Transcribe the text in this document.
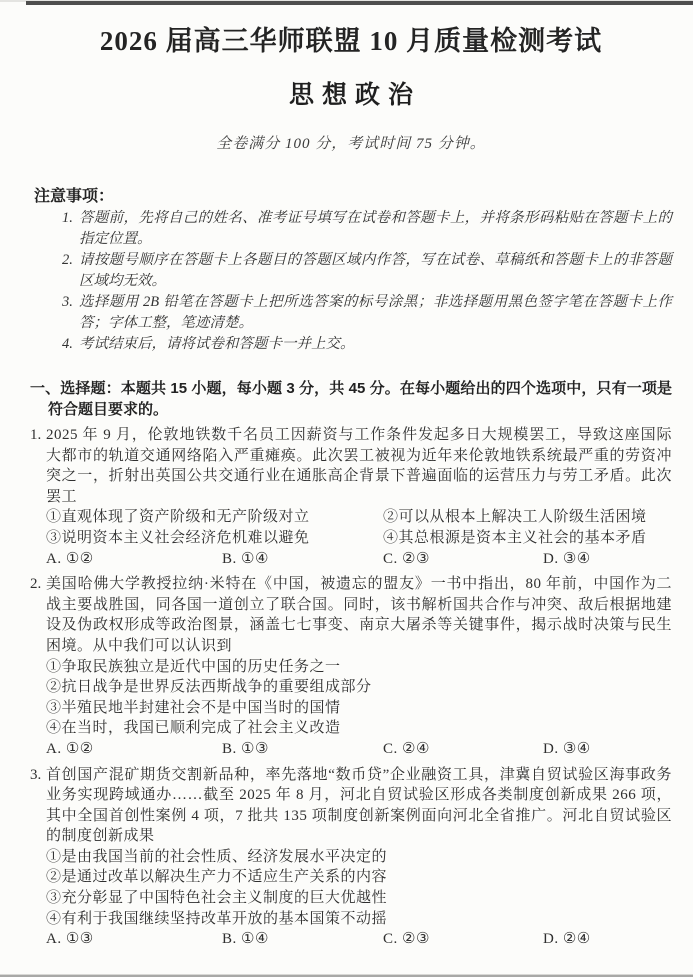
2026 届高三华师联盟 10 月质量检测考试
思想政治
全卷满分 100 分，考试时间 75 分钟。
注意事项：
1. 答题前，先将自己的姓名、准考证号填写在试卷和答题卡上，并将条形码粘贴在答题卡上的指定位置。
2. 请按题号顺序在答题卡上各题目的答题区域内作答，写在试卷、草稿纸和答题卡上的非答题区域均无效。
3. 选择题用 2B 铅笔在答题卡上把所选答案的标号涂黑；非选择题用黑色签字笔在答题卡上作答；字体工整，笔迹清楚。
4. 考试结束后，请将试卷和答题卡一并上交。
一、选择题：本题共 15 小题，每小题 3 分，共 45 分。在每小题给出的四个选项中，只有一项是符合题目要求的。
1. 2025 年 9 月，伦敦地铁数千名员工因薪资与工作条件发起多日大规模罢工，导致这座国际大都市的轨道交通网络陷入严重瘫痪。此次罢工被视为近年来伦敦地铁系统最严重的劳资冲突之一，折射出英国公共交通行业在通胀高企背景下普遍面临的运营压力与劳工矛盾。此次罢工
①直观体现了资产阶级和无产阶级对立	②可以从根本上解决工人阶级生活困境
③说明资本主义社会经济危机难以避免	④其总根源是资本主义社会的基本矛盾
A. ①②	B. ①④	C. ②③	D. ③④
2. 美国哈佛大学教授拉纳·米特在《中国，被遗忘的盟友》一书中指出，80 年前，中国作为二战主要战胜国，同各国一道创立了联合国。同时，该书解析国共合作与冲突、敌后根据地建设及伪政权形成等政治图景，涵盖七七事变、南京大屠杀等关键事件，揭示战时决策与民生困境。从中我们可以认识到
①争取民族独立是近代中国的历史任务之一
②抗日战争是世界反法西斯战争的重要组成部分
③半殖民地半封建社会不是中国当时的国情
④在当时，我国已顺利完成了社会主义改造
A. ①②	B. ①③	C. ②④	D. ③④
3. 首创国产混矿期货交割新品种，率先落地“数币贷”企业融资工具，津冀自贸试验区海事政务业务实现跨域通办……截至 2025 年 8 月，河北自贸试验区形成各类制度创新成果 266 项，其中全国首创性案例 4 项，7 批共 135 项制度创新案例面向河北全省推广。河北自贸试验区的制度创新成果
①是由我国当前的社会性质、经济发展水平决定的
②是通过改革以解决生产力不适应生产关系的内容
③充分彰显了中国特色社会主义制度的巨大优越性
④有利于我国继续坚持改革开放的基本国策不动摇
A. ①③	B. ①④	C. ②③	D. ②④
